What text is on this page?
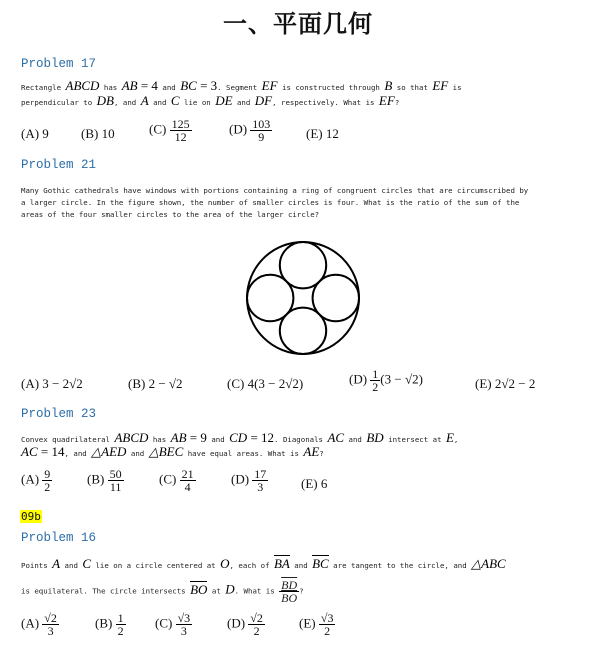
一、平面几何
Problem 17
Rectangle ABCD has AB = 4 and BC = 3. Segment EF is constructed through B so that EF is
perpendicular to DB, and A and C lie on DE and DF, respectively. What is EF?
(A) 9 (B) 10	$(C) \frac{125}{12}$	$(D) \frac{103}{9}$	(E) 12
Problem 21
Many Gothic cathedrals have windows with portions containing a ring of congruent circles that are circumscribed by
a larger circle. In the figure shown, the number of smaller circles is four. What is the ratio of the sum of the
areas of the four smaller circles to the area of the larger circle?
(A) 3 − 2√2	(B) 2 − √2	(C) 4(3 − 2√2)	$(D) \frac{1}{2} (3 - √2)$	(E) 2√2 − 2
Problem 23
Convex quadrilateral ABCD has AB = 9 and CD = 12. Diagonals AC and BD intersect at E,
AC = 14, and △AED and △BEC have equal areas. What is AE?
$(A) \frac{9}{2}$	$(B) \frac{50}{11}$	$(C) \frac{21}{4}$	$(D) \frac{17}{3}$	(E) 6
09b
Problem 16
Points A and C lie on a circle centered at O, each of BA and BC are tangent to the circle, and △ABC
is equilateral. The circle intersects BO at D. What is $\frac{\overline{BD}}{BO}$ ?
$(A) \frac{√2}{3}$	$(B) \frac{1}{2} (C) \frac{√3}{3}$	$(D) \frac{√2}{2}$	$(E) \frac{√3}{2}$
